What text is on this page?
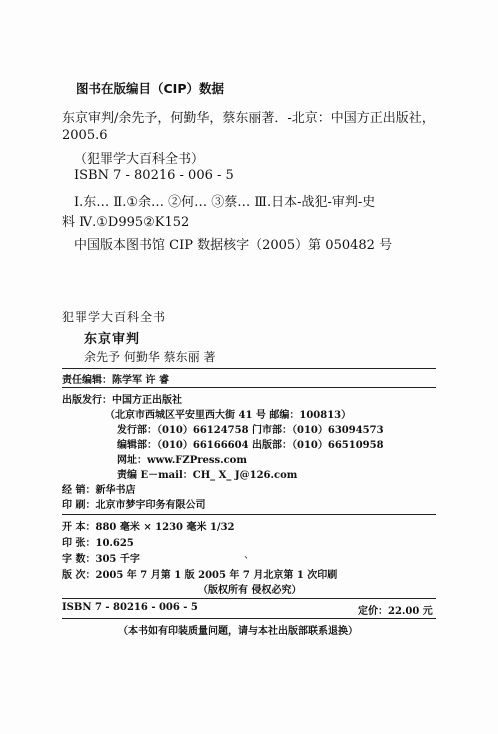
图书在版编目（CIP）数据
东京审判/余先予，何勤华，蔡东丽著．-北京：中国方正出版社，
2005.6
（犯罪学大百科全书）
ISBN 7 - 80216 - 006 - 5
Ⅰ.东… Ⅱ.①余… ②何… ③蔡… Ⅲ.日本-战犯-审判-史
料 Ⅳ.①D995②K152
中国版本图书馆 CIP 数据核字（2005）第 050482 号
犯罪学大百科全书
东京审判
余先予 何勤华 蔡东丽 著
责任编辑：陈学军 许 睿
出版发行：中国方正出版社
（北京市西城区平安里西大街 41 号 邮编：100813）
发行部：（010）66124758 门市部：（010）63094573
编辑部：（010）66166604 出版部：（010）66510958
网址：www.FZPress.com
责编 E－mail：CH_ X_ J@126.com
经 销：新华书店
印 刷：北京市梦宇印务有限公司
开 本：880 毫米 × 1230 毫米 1/32
印 张：10.625
字 数：305 千字	、
版 次：2005 年 7 月第 1 版 2005 年 7 月北京第 1 次印刷
（版权所有 侵权必究）
ISBN 7 - 80216 - 006 - 5	定价：22.00 元
（本书如有印装质量问题，请与本社出版部联系退换）
